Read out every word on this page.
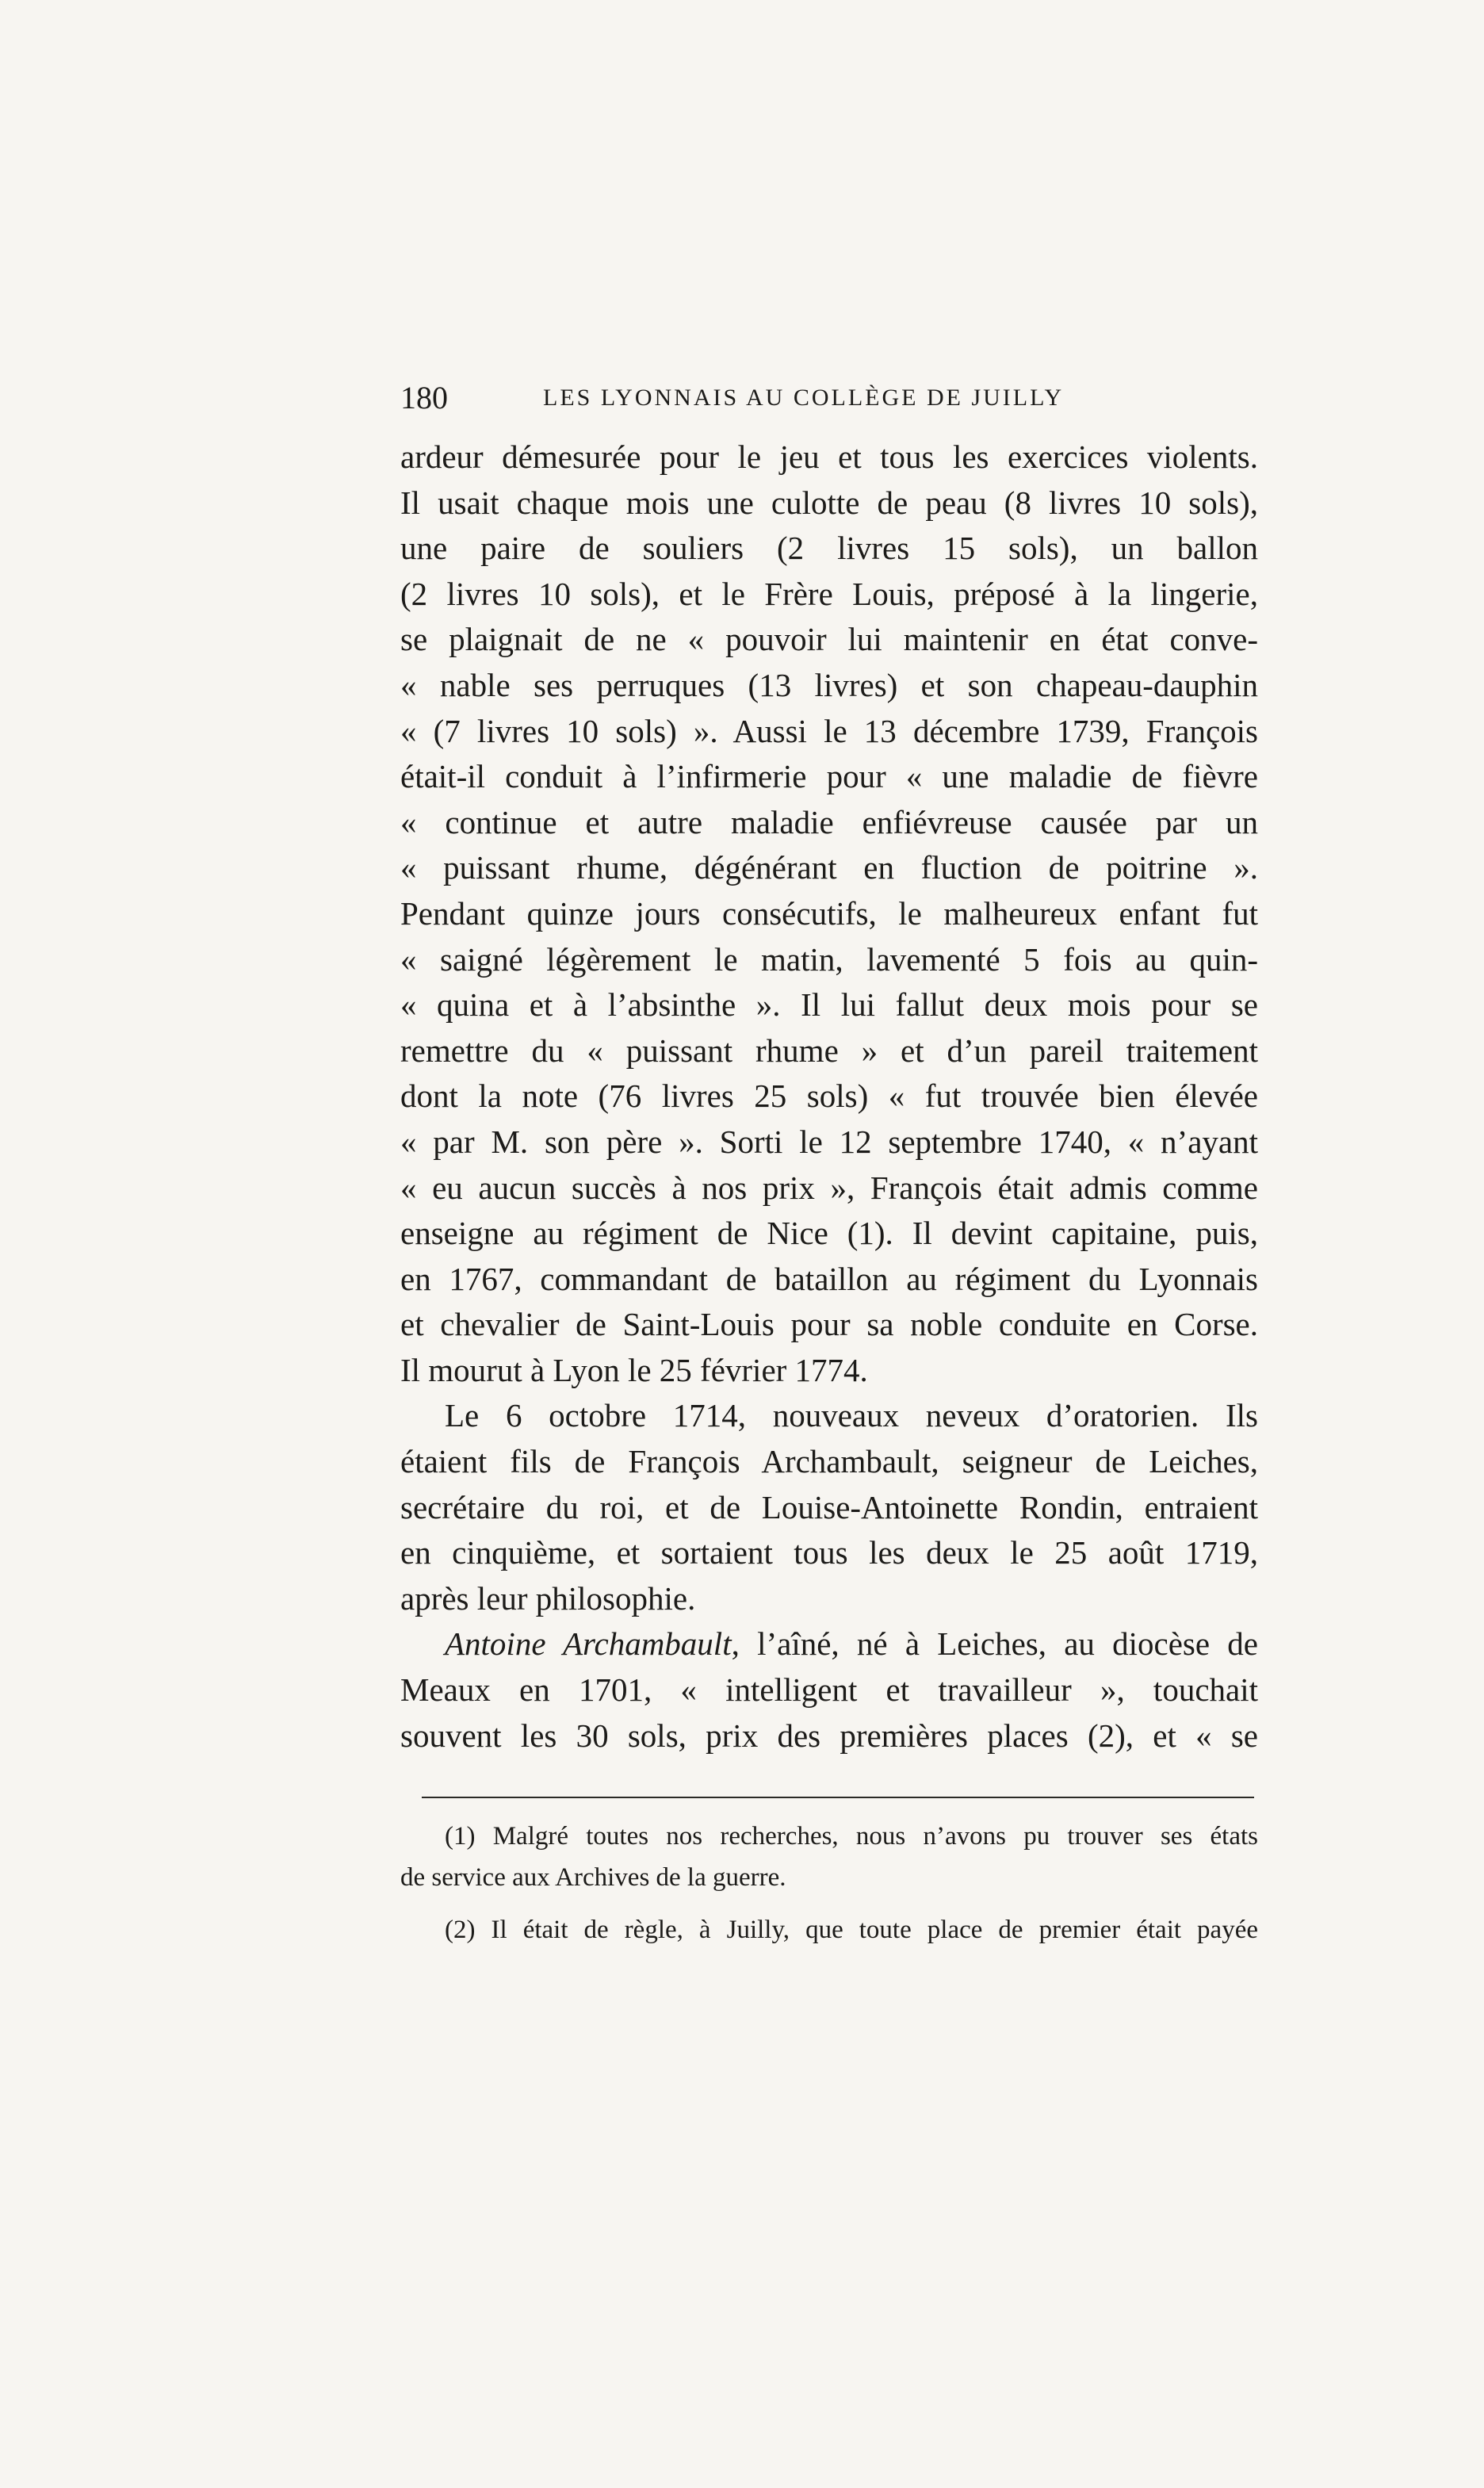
180	LES LYONNAIS AU COLLÈGE DE JUILLY
ardeur démesurée pour le jeu et tous les exercices violents.
Il usait chaque mois une culotte de peau (8 livres 10 sols),
une paire de souliers (2 livres 15 sols), un ballon
(2 livres 10 sols), et le Frère Louis, préposé à la lingerie,
se plaignait de ne « pouvoir lui maintenir en état conve-
« nable ses perruques (13 livres) et son chapeau-dauphin
« (7 livres 10 sols) ». Aussi le 13 décembre 1739, François
était-il conduit à l’infirmerie pour « une maladie de fièvre
« continue et autre maladie enfiévreuse causée par un
« puissant rhume, dégénérant en fluction de poitrine ».
Pendant quinze jours consécutifs, le malheureux enfant fut
« saigné légèrement le matin, lavementé 5 fois au quin-
« quina et à l’absinthe ». Il lui fallut deux mois pour se
remettre du « puissant rhume » et d’un pareil traitement
dont la note (76 livres 25 sols) « fut trouvée bien élevée
« par M. son père ». Sorti le 12 septembre 1740, « n’ayant
« eu aucun succès à nos prix », François était admis comme
enseigne au régiment de Nice (1). Il devint capitaine, puis,
en 1767, commandant de bataillon au régiment du Lyonnais
et chevalier de Saint-Louis pour sa noble conduite en Corse.
Il mourut à Lyon le 25 février 1774.
Le 6 octobre 1714, nouveaux neveux d’oratorien. Ils
étaient fils de François Archambault, seigneur de Leiches,
secrétaire du roi, et de Louise-Antoinette Rondin, entraient
en cinquième, et sortaient tous les deux le 25 août 1719,
après leur philosophie.
Antoine Archambault, l’aîné, né à Leiches, au diocèse de
Meaux en 1701, « intelligent et travailleur », touchait
souvent les 30 sols, prix des premières places (2), et « se
(1) Malgré toutes nos recherches, nous n’avons pu trouver ses états
de service aux Archives de la guerre.
(2) Il était de règle, à Juilly, que toute place de premier était payée
